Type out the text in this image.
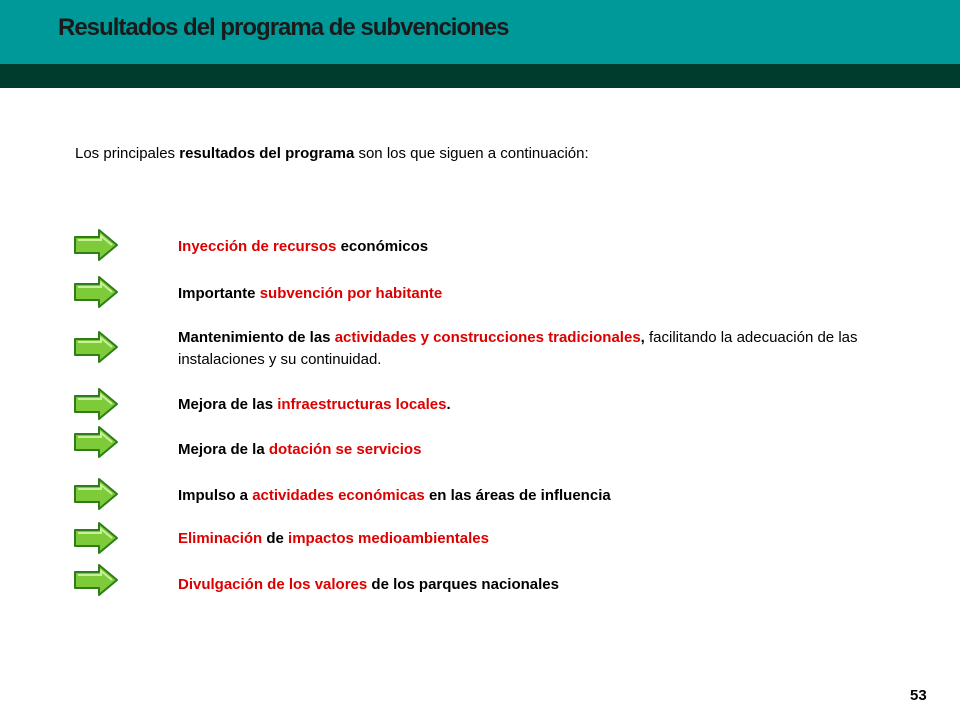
Resultados del programa de subvenciones
Los principales resultados del programa son los que siguen a continuación:
Inyección de recursos económicos
Importante subvención por habitante
Mantenimiento de las actividades y construcciones tradicionales, facilitando la adecuación de las instalaciones y su continuidad.
Mejora de las infraestructuras locales.
Mejora de la dotación se servicios
Impulso a actividades económicas en las áreas de influencia
Eliminación de impactos medioambientales
Divulgación de los valores de los parques nacionales
53
